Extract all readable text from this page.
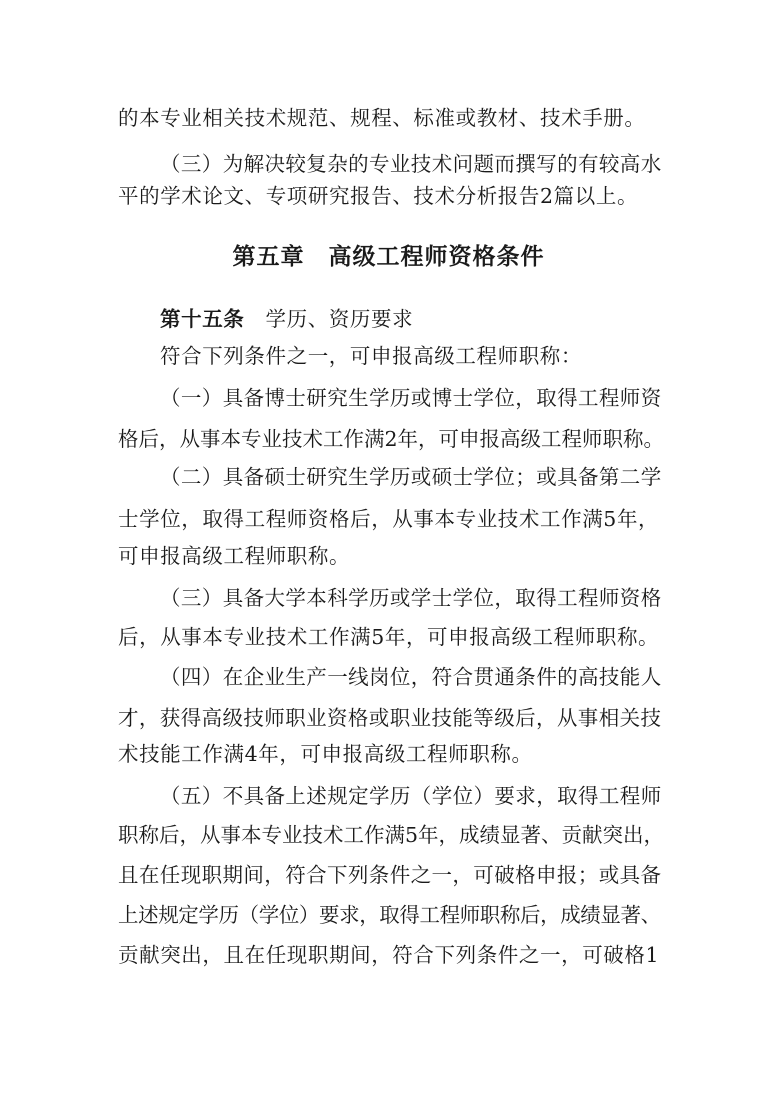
的本专业相关技术规范、规程、标准或教材、技术手册。
（三）为解决较复杂的专业技术问题而撰写的有较高水
平的学术论文、专项研究报告、技术分析报告2篇以上。
第五章　高级工程师资格条件
第十五条　 学历、资历要求
符合下列条件之一，可申报高级工程师职称：
（一）具备博士研究生学历或博士学位，取得工程师资
格后，从事本专业技术工作满2年，可申报高级工程师职称。
（二）具备硕士研究生学历或硕士学位；或具备第二学
士学位，取得工程师资格后，从事本专业技术工作满5年，
可申报高级工程师职称。
（三）具备大学本科学历或学士学位，取得工程师资格
后，从事本专业技术工作满5年，可申报高级工程师职称。
（四）在企业生产一线岗位，符合贯通条件的高技能人
才，获得高级技师职业资格或职业技能等级后，从事相关技
术技能工作满4年，可申报高级工程师职称。
（五）不具备上述规定学历（学位）要求，取得工程师
职称后，从事本专业技术工作满5年，成绩显著、贡献突出，
且在任现职期间，符合下列条件之一，可破格申报；或具备
上述规定学历（学位）要求，取得工程师职称后，成绩显著、
贡献突出，且在任现职期间，符合下列条件之一，可破格1
